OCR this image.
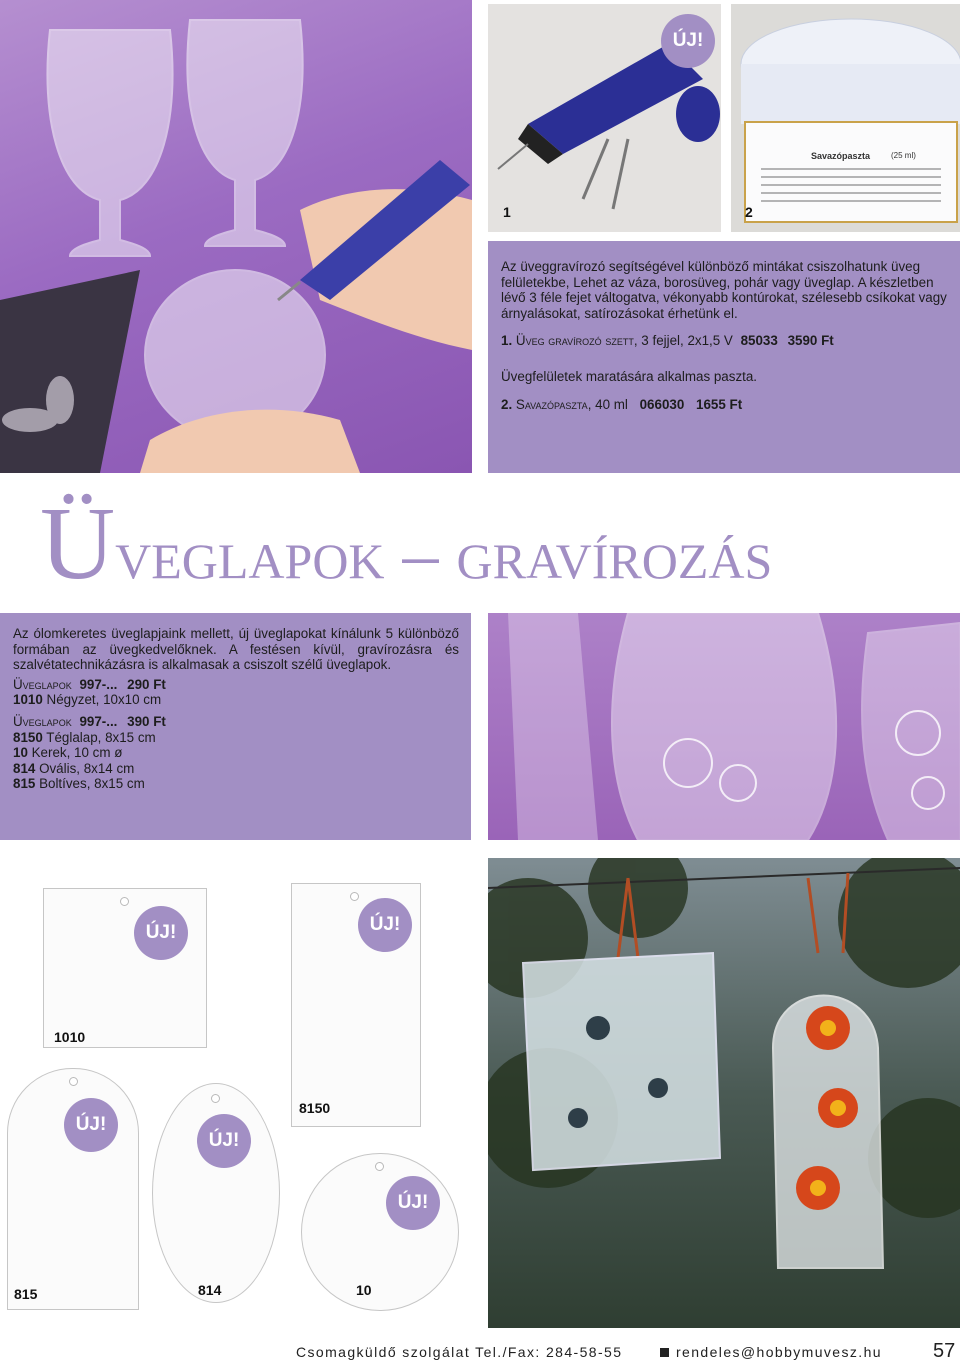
1
ÚJ!
Savazópaszta	(25 ml)
2
Az üveggravírozó segítségével különböző mintákat csiszolhatunk üveg felületekbe, Lehet az váza, borosüveg, pohár vagy üveglap. A készletben lévő 3 féle fejet váltogatva, vékonyabb kontúrokat, szélesebb csíkokat vagy árnyalásokat, satírozásokat érhetünk el.
1. Üveg gravírozó szett, 3 fejjel, 2x1,5 V 85033 3590 Ft
Üvegfelületek maratására alkalmas paszta.
2. Savazópaszta, 40 ml 066030 1655 Ft
Üveglapok – gravírozás
Az ólomkeretes üveglapjaink mellett, új üveglapokat kínálunk 5 különböző formában az üvegkedvelőknek. A festésen kívül, gravírozásra és szalvétatechnikázásra is alkalmasak a csiszolt szélű üveglapok.
Üveglapok 997-... 290 Ft
1010 Négyzet, 10x10 cm
Üveglapok 997-... 390 Ft
8150 Téglalap, 8x15 cm
10 Kerek, 10 cm ø
814 Ovális, 8x14 cm
815 Boltíves, 8x15 cm
ÚJ!	ÚJ!
ÚJ!
ÚJ!
ÚJ!
1010
8150
815	814	10
Csomagküldő szolgálat Tel./Fax: 284-58-55	rendeles@hobbymuvesz.hu	57
